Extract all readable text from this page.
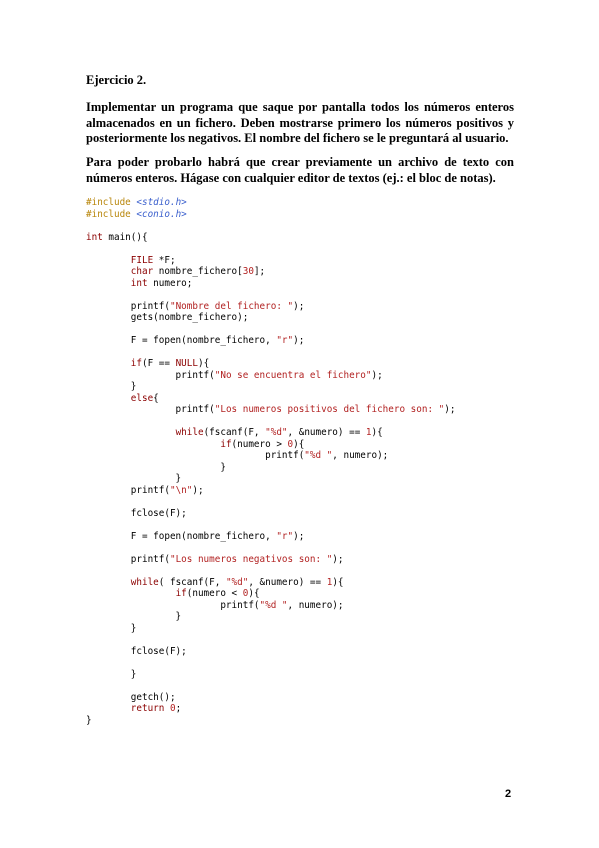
Ejercicio 2.

Implementar un programa que saque por pantalla todos los números enteros almacenados en un fichero. Deben mostrarse primero los números positivos y posteriormente los negativos. El nombre del fichero se le preguntará al usuario.

Para poder probarlo habrá que crear previamente un archivo de texto con números enteros. Hágase con cualquier editor de textos (ej.: el bloc de notas).

#include <stdio.h>
#include <conio.h>

int main(){

FILE *F;
char nombre_fichero[30];
int numero;

printf("Nombre del fichero: ");
gets(nombre_fichero);

F = fopen(nombre_fichero, "r");

if(F == NULL){
printf("No se encuentra el fichero");
}
else{
printf("Los numeros positivos del fichero son: ");

while(fscanf(F, "%d", &numero) == 1){
if(numero > 0){
printf("%d ", numero);
}
}
printf("\n");

fclose(F);

F = fopen(nombre_fichero, "r");

printf("Los numeros negativos son: ");

while( fscanf(F, "%d", &numero) == 1){
if(numero < 0){
printf("%d ", numero);
}
}

fclose(F);

}

getch();
return 0;
}
2
